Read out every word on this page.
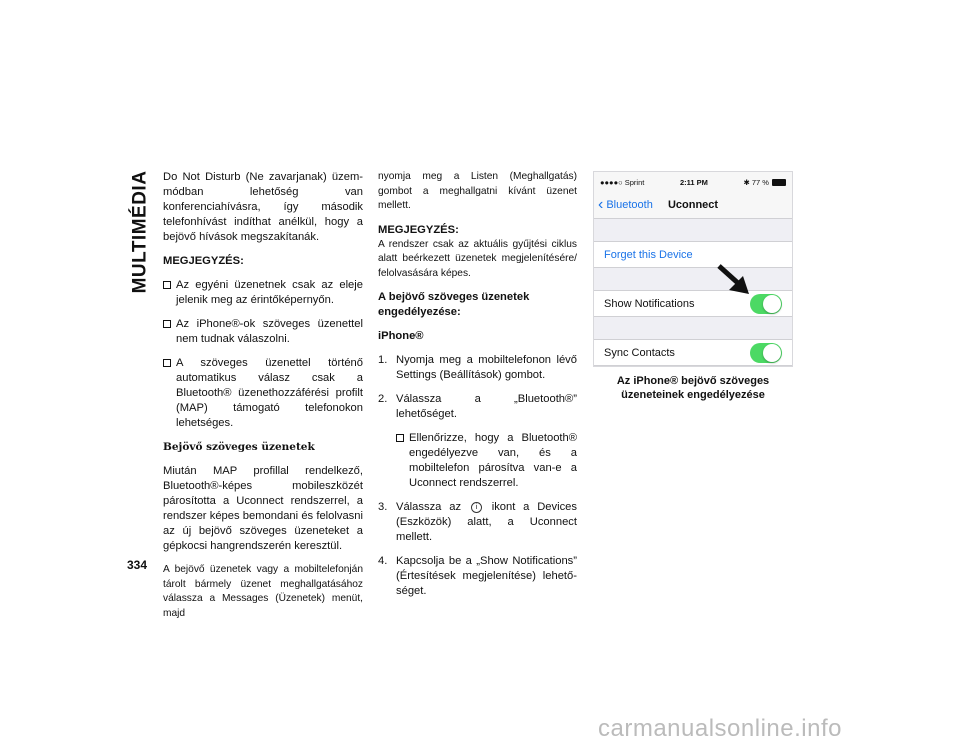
MULTIMÉDIA Do Not Disturb (Ne zavarjanak) üzemmódban lehetőség van konferenciahívásra, így második telefonhívást indíthat anélkül, hogy a bejövő hívások megszakítanák.

MEGJEGYZÉS:

Az egyéni üzenetnek csak az eleje jelenik meg az érintőképernyőn.
Az iPhone®-ok szöveges üzenettel nem tudnak válaszolni.
A szöveges üzenettel történő automatikus válasz csak a Bluetooth® üzenethozzáférési profilt (MAP) támogató telefonokon lehetséges.
Bejövő szöveges üzenetek

Miután MAP profillal rendelkező, Bluetooth®-képes mobileszközét párosította a Uconnect rendszerrel, a rendszer képes bemondani és felolvasni az új bejövő szöveges üzeneteket a gépkocsi hangrendszerén keresztül.

A bejövő üzenetek vagy a mobiltelefonján tárolt bármely üzenet meghallgatásához válassza a Messages (Üzenetek) menüt, majd

nyomja meg a Listen (Meghallgatás) gombot a meghallgatni kívánt üzenet mellett.

MEGJEGYZÉS:

A rendszer csak az aktuális gyűjtési ciklus alatt beérkezett üzenetek megjelenítésére/ felolvasására képes.

A bejövő szöveges üzenetek engedélyezése:

iPhone®

1. Nyomja meg a mobiltelefonon lévő Settings (Beállítások) gombot.
2. Válassza a „Bluetooth®” lehetőséget.
Ellenőrizze, hogy a Bluetooth® engedélyezve van, és a mobiltelefon párosítva van-e a Uconnect rendszerrel.
3. Válassza az i ikont a Devices (Eszközök) alatt, a Uconnect mellett.
4. Kapcsolja be a „Show Notifications” (Értesítések megjelenítése) lehetőséget.
●●●●○ Sprint	2:11 PM	✱ 77 %
‹ Bluetooth	Uconnect
Forget this Device
Show Notifications
Sync Contacts
Az iPhone® bejövő szöveges üzeneteinek engedélyezése
334
carmanualsonline.info
